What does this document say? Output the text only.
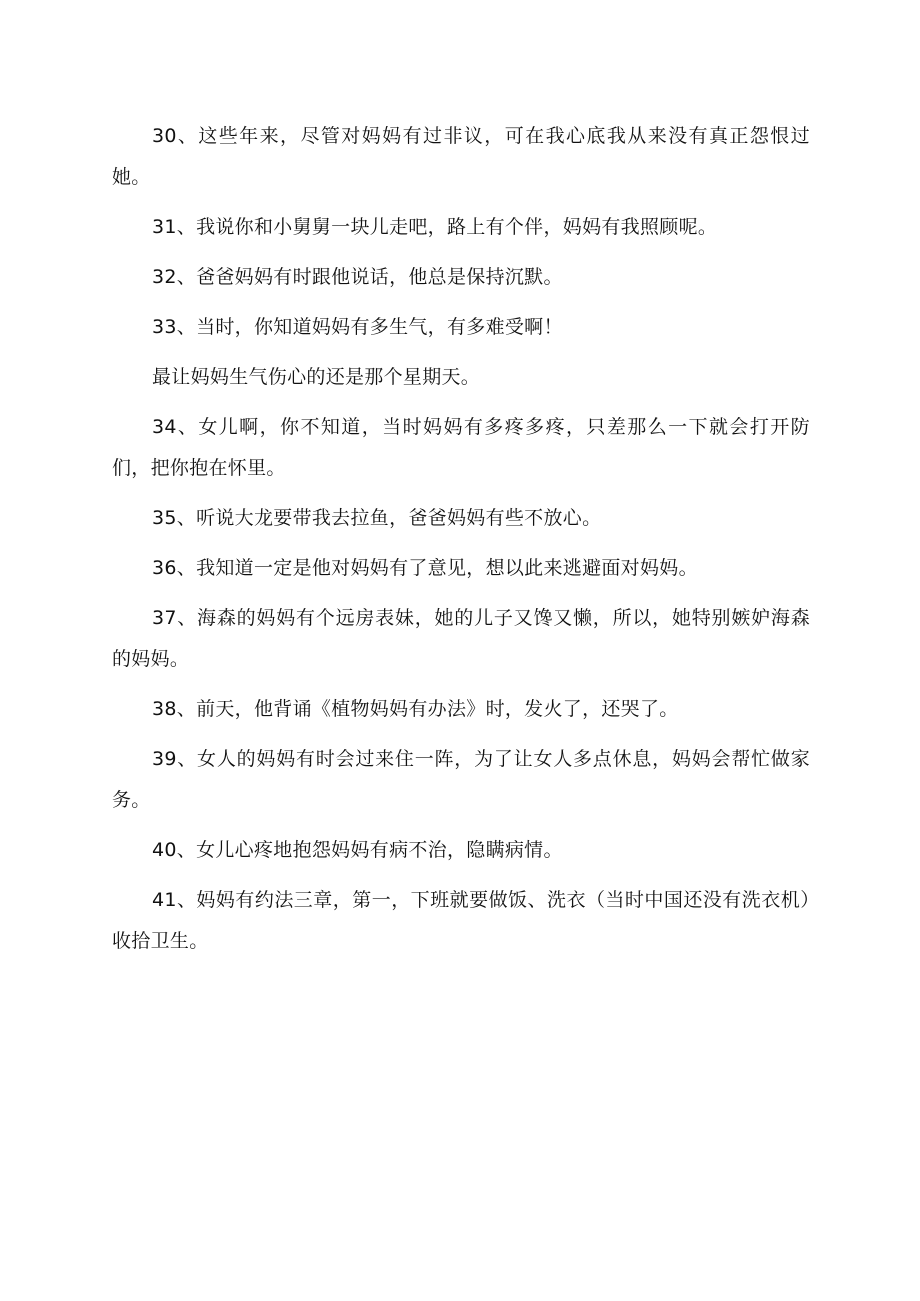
30、这些年来，尽管对妈妈有过非议，可在我心底我从来没有真正怨恨过她。

31、我说你和小舅舅一块儿走吧，路上有个伴，妈妈有我照顾呢。

32、爸爸妈妈有时跟他说话，他总是保持沉默。

33、当时，你知道妈妈有多生气，有多难受啊！

最让妈妈生气伤心的还是那个星期天。

34、女儿啊，你不知道，当时妈妈有多疼多疼，只差那么一下就会打开防们，把你抱在怀里。

35、听说大龙要带我去拉鱼，爸爸妈妈有些不放心。

36、我知道一定是他对妈妈有了意见，想以此来逃避面对妈妈。

37、海森的妈妈有个远房表妹，她的儿子又馋又懒，所以，她特别嫉妒海森的妈妈。

38、前天，他背诵《植物妈妈有办法》时，发火了，还哭了。

39、女人的妈妈有时会过来住一阵，为了让女人多点休息，妈妈会帮忙做家务。

40、女儿心疼地抱怨妈妈有病不治，隐瞒病情。

41、妈妈有约法三章，第一，下班就要做饭、洗衣（当时中国还没有洗衣机）收拾卫生。
